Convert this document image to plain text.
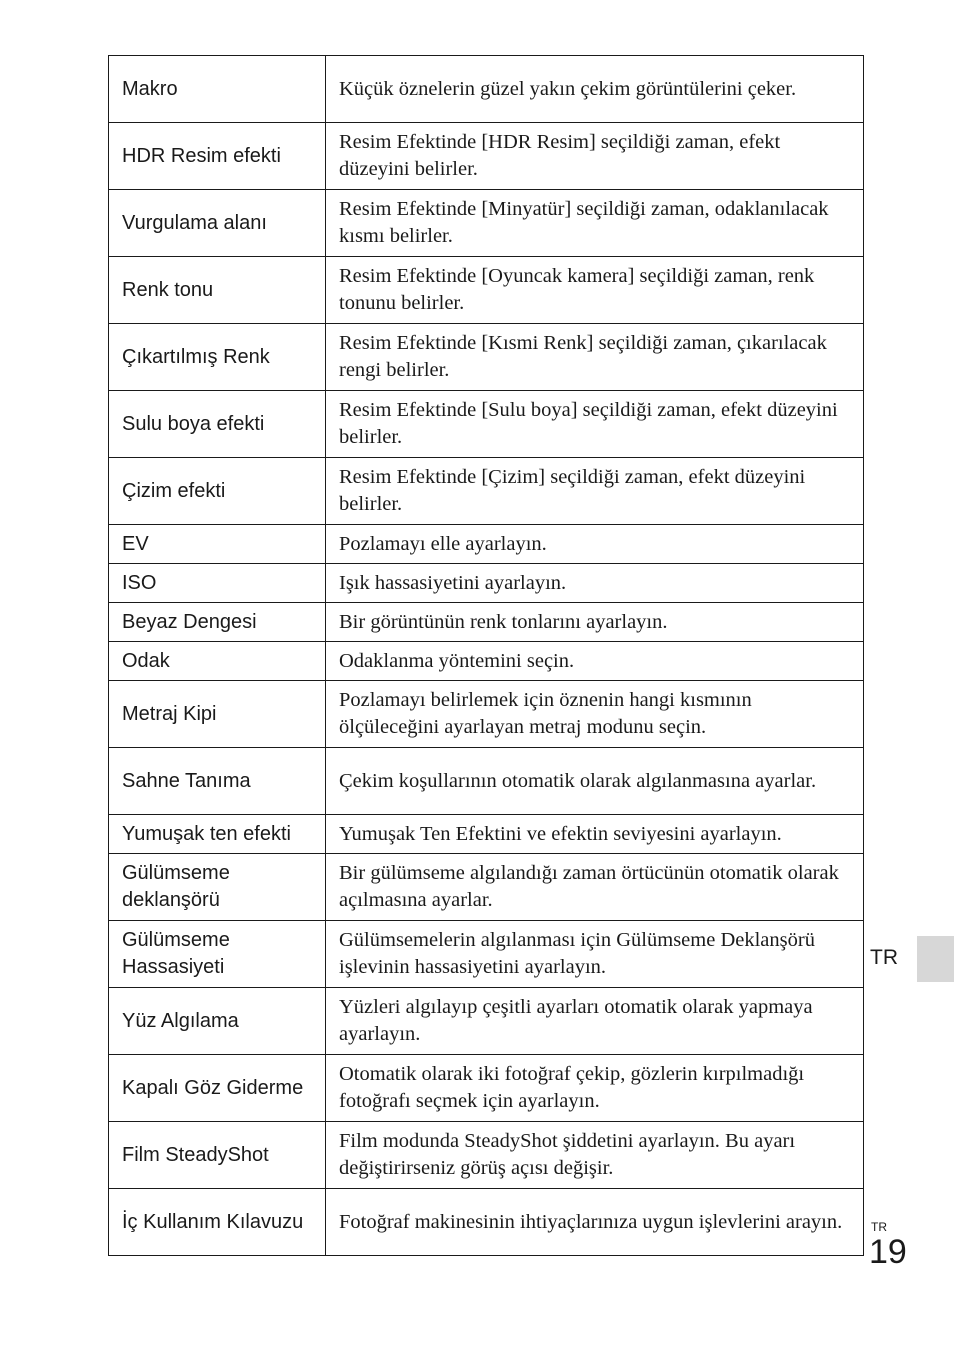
Makro	Küçük öznelerin güzel yakın çekim görüntülerini çeker.
HDR Resim efekti	Resim Efektinde [HDR Resim] seçildiği zaman, efekt düzeyini belirler.
Vurgulama alanı	Resim Efektinde [Minyatür] seçildiği zaman, odaklanılacak kısmı belirler.
Renk tonu	Resim Efektinde [Oyuncak kamera] seçildiği zaman, renk tonunu belirler.
Çıkartılmış Renk	Resim Efektinde [Kısmi Renk] seçildiği zaman, çıkarılacak rengi belirler.
Sulu boya efekti	Resim Efektinde [Sulu boya] seçildiği zaman, efekt düzeyini belirler.
Çizim efekti	Resim Efektinde [Çizim] seçildiği zaman, efekt düzeyini belirler.
EV	Pozlamayı elle ayarlayın.
ISO	Işık hassasiyetini ayarlayın.
Beyaz Dengesi	Bir görüntünün renk tonlarını ayarlayın.
Odak	Odaklanma yöntemini seçin.
Metraj Kipi	Pozlamayı belirlemek için öznenin hangi kısmının ölçüleceğini ayarlayan metraj modunu seçin.
Sahne Tanıma	Çekim koşullarının otomatik olarak algılanmasına ayarlar.
Yumuşak ten efekti	Yumuşak Ten Efektini ve efektin seviyesini ayarlayın.
Gülümseme deklanşörü	Bir gülümseme algılandığı zaman örtücünün otomatik olarak açılmasına ayarlar.
Gülümseme Hassasiyeti	Gülümsemelerin algılanması için Gülümseme Deklanşörü işlevinin hassasiyetini ayarlayın.
Yüz Algılama	Yüzleri algılayıp çeşitli ayarları otomatik olarak yapmaya ayarlayın.
Kapalı Göz Giderme	Otomatik olarak iki fotoğraf çekip, gözlerin kırpılmadığı fotoğrafı seçmek için ayarlayın.
Film SteadyShot	Film modunda SteadyShot şiddetini ayarlayın. Bu ayarı değiştirirseniz görüş açısı değişir.
İç Kullanım Kılavuzu	Fotoğraf makinesinin ihtiyaçlarınıza uygun işlevlerini arayın.
TR
TR
19
